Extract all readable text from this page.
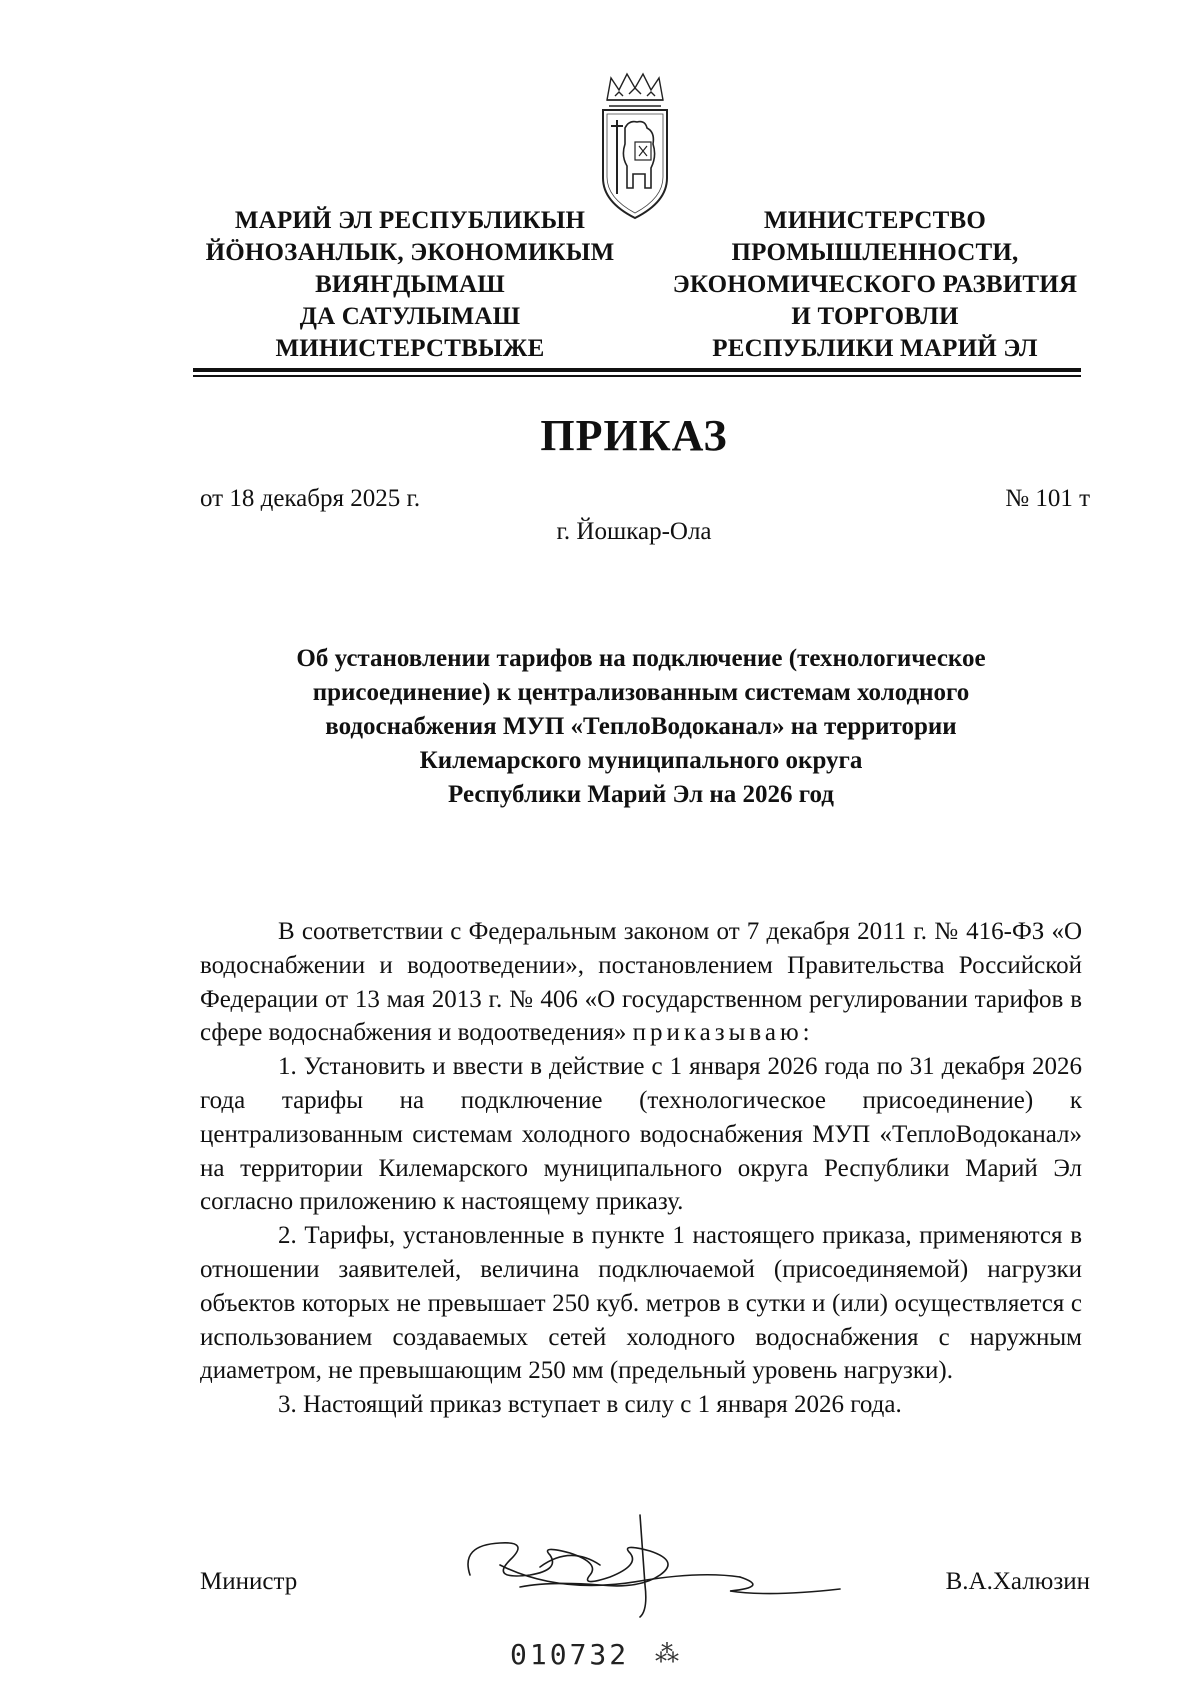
МАРИЙ ЭЛ РЕСПУБЛИКЫН
ЙӦНОЗАНЛЫК, ЭКОНОМИКЫМ
ВИЯҤДЫМАШ
ДА САТУЛЫМАШ
МИНИСТЕРСТВЫЖЕ
МИНИСТЕРСТВО
ПРОМЫШЛЕННОСТИ,
ЭКОНОМИЧЕСКОГО РАЗВИТИЯ
И ТОРГОВЛИ
РЕСПУБЛИКИ МАРИЙ ЭЛ
ПРИКАЗ
от 18 декабря 2025 г.	№ 101 т
г. Йошкар-Ола
Об установлении тарифов на подключение (технологическое
присоединение) к централизованным системам холодного
водоснабжения МУП «ТеплоВодоканал» на территории
Килемарского муниципального округа
Республики Марий Эл на 2026 год

В соответствии с Федеральным законом от 7 декабря 2011 г. № 416-ФЗ «О водоснабжении и водоотведении», постановлением Правительства Российской Федерации от 13 мая 2013 г. № 406 «О государственном регулировании тарифов в сфере водоснабжения и водоотведения» приказываю:

1. Установить и ввести в действие с 1 января 2026 года по 31 декабря 2026 года тарифы на подключение (технологическое присоединение) к централизованным системам холодного водоснабжения МУП «ТеплоВодоканал» на территории Килемарского муниципального округа Республики Марий Эл согласно приложению к настоящему приказу.

2. Тарифы, установленные в пункте 1 настоящего приказа, применяются в отношении заявителей, величина подключаемой (присоединяемой) нагрузки объектов которых не превышает 250 куб. метров в сутки и (или) осуществляется с использованием создаваемых сетей холодного водоснабжения с наружным диаметром, не превышающим 250 мм (предельный уровень нагрузки).

3. Настоящий приказ вступает в силу с 1 января 2026 года.

Министр	В.А.Халюзин
010732 ⁂
